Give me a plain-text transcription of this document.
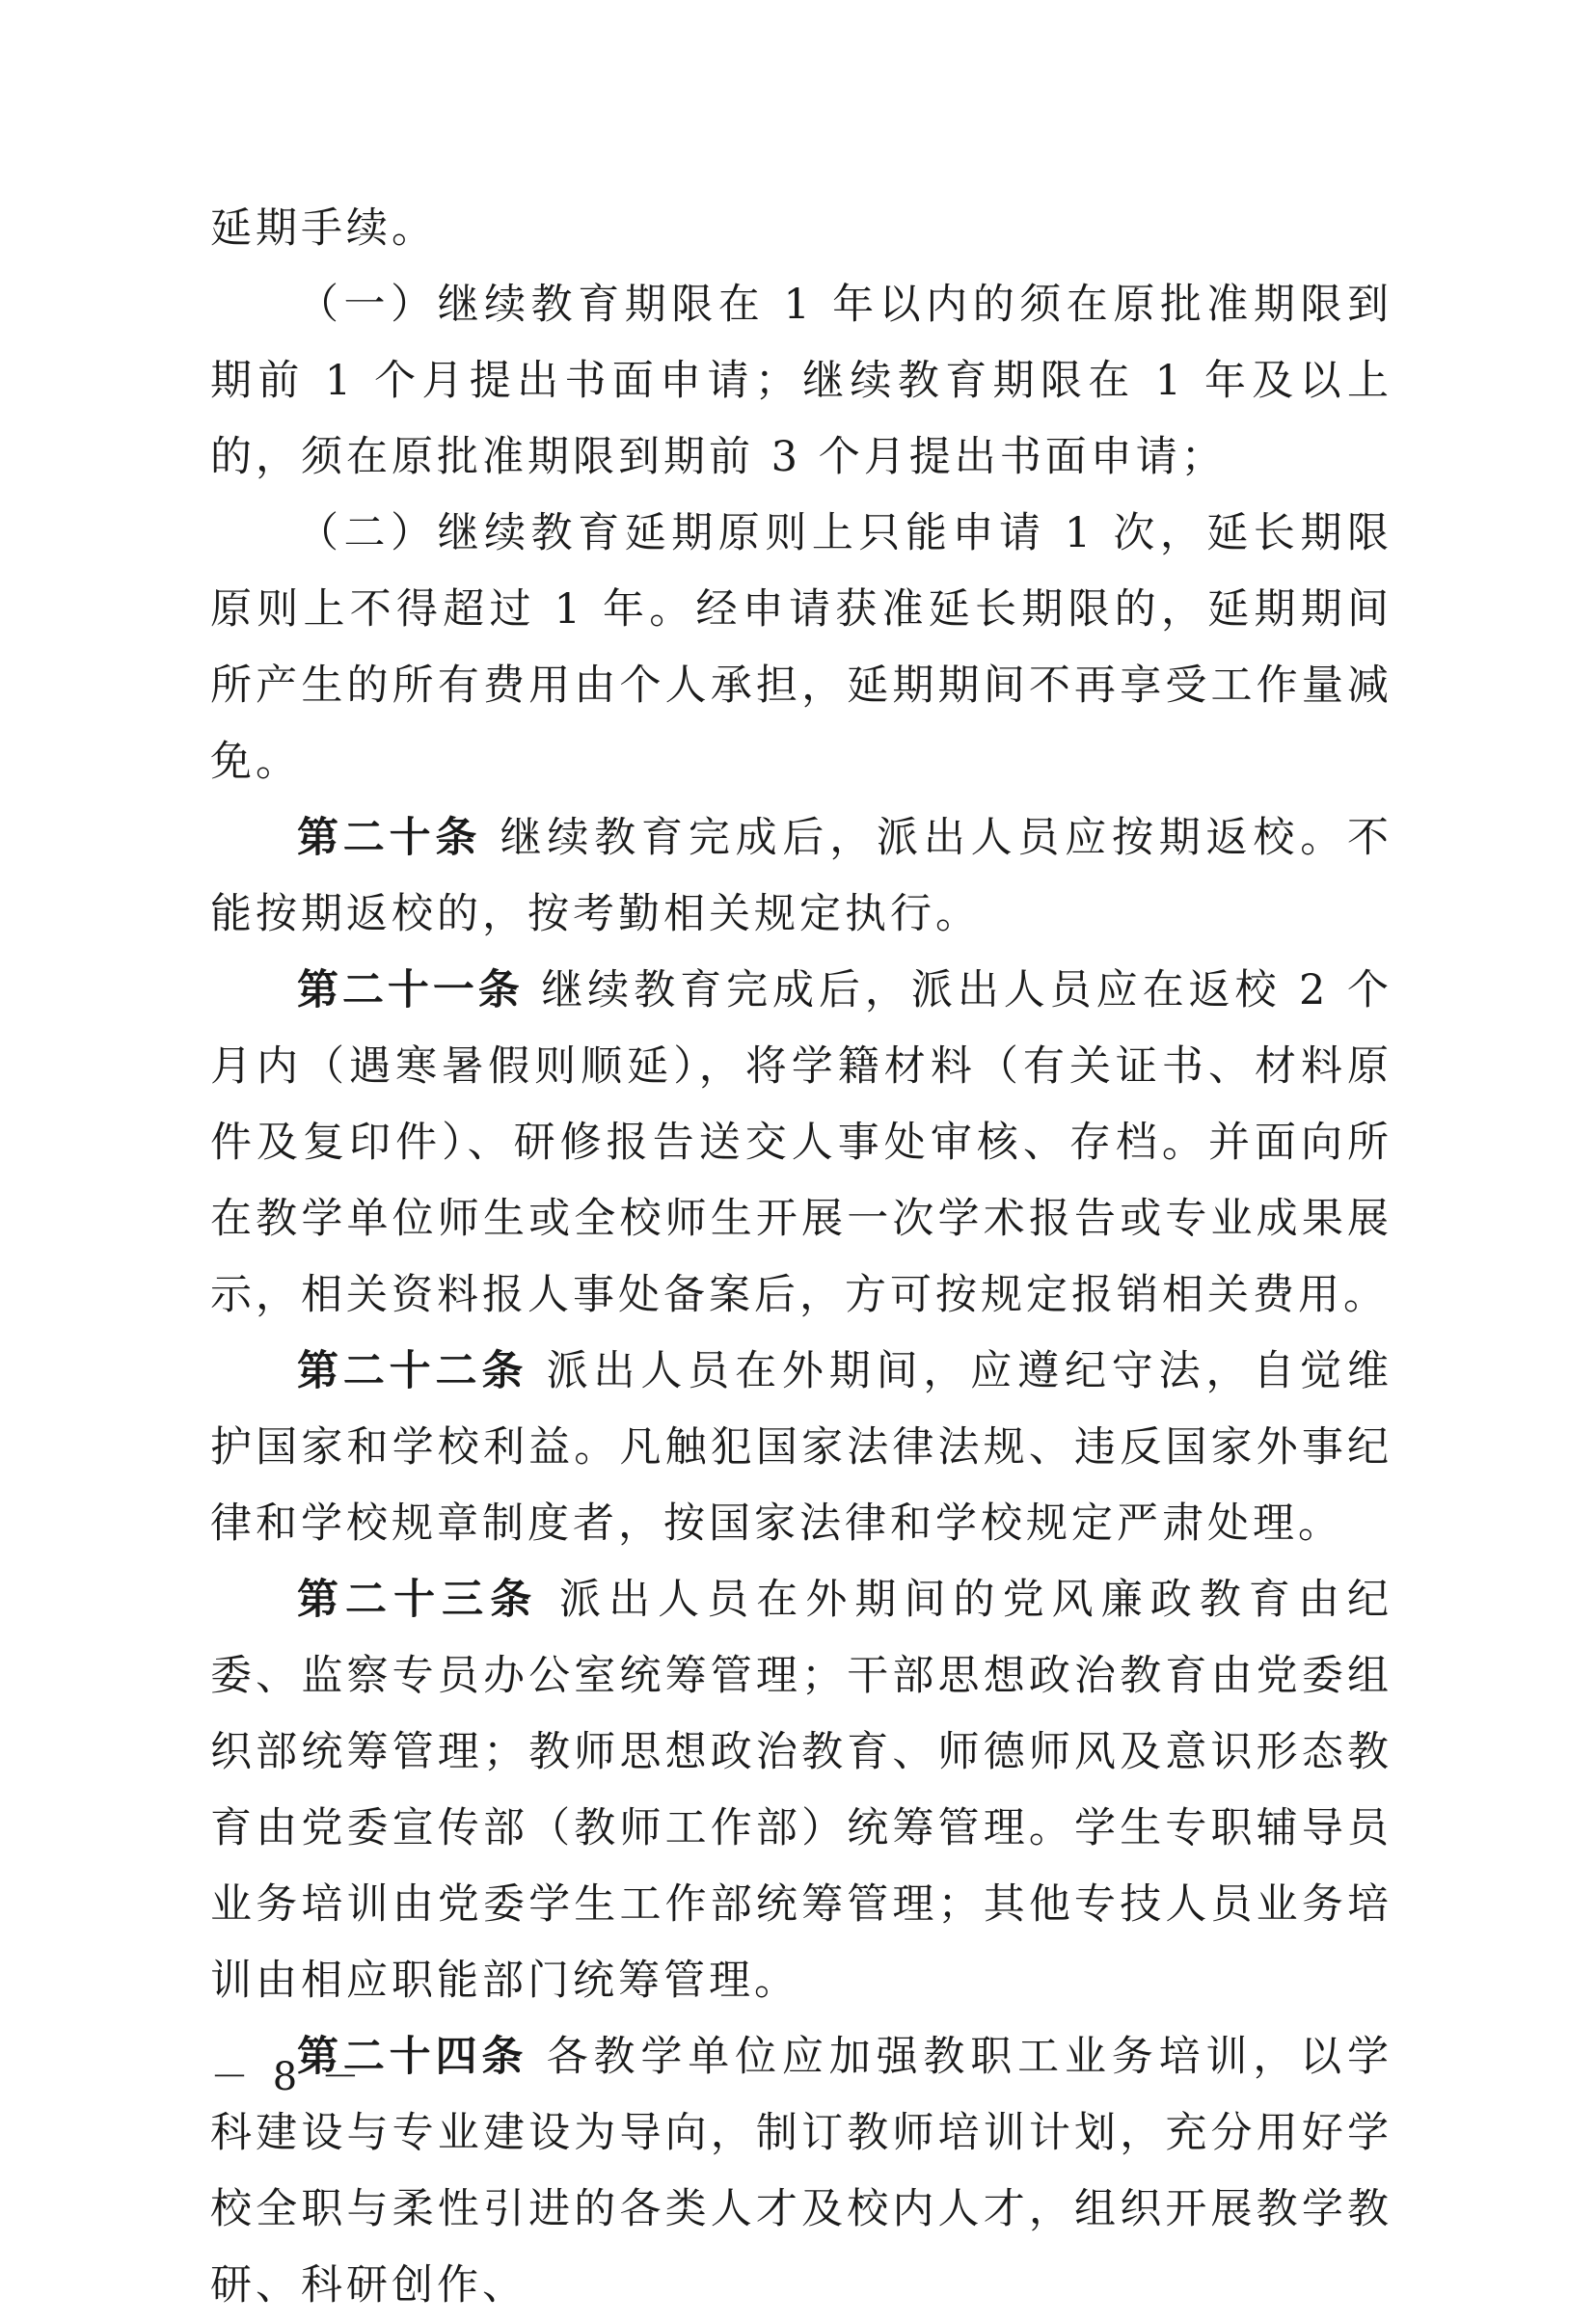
延期手续。

（一）继续教育期限在 1 年以内的须在原批准期限到期前 1 个月提出书面申请；继续教育期限在 1 年及以上的，须在原批准期限到期前 3 个月提出书面申请；

（二）继续教育延期原则上只能申请 1 次，延长期限原则上不得超过 1 年。经申请获准延长期限的，延期期间所产生的所有费用由个人承担，延期期间不再享受工作量减免。

第二十条 继续教育完成后，派出人员应按期返校。不能按期返校的，按考勤相关规定执行。

第二十一条 继续教育完成后，派出人员应在返校 2 个月内（遇寒暑假则顺延），将学籍材料（有关证书、材料原件及复印件）、研修报告送交人事处审核、存档。并面向所在教学单位师生或全校师生开展一次学术报告或专业成果展示，相关资料报人事处备案后，方可按规定报销相关费用。

第二十二条 派出人员在外期间，应遵纪守法，自觉维护国家和学校利益。凡触犯国家法律法规、违反国家外事纪律和学校规章制度者，按国家法律和学校规定严肃处理。

第二十三条 派出人员在外期间的党风廉政教育由纪委、监察专员办公室统筹管理；干部思想政治教育由党委组织部统筹管理；教师思想政治教育、师德师风及意识形态教育由党委宣传部（教师工作部）统筹管理。学生专职辅导员业务培训由党委学生工作部统筹管理；其他专技人员业务培训由相应职能部门统筹管理。

第二十四条 各教学单位应加强教职工业务培训，以学科建设与专业建设为导向，制订教师培训计划，充分用好学校全职与柔性引进的各类人才及校内人才，组织开展教学教研、科研创作、

－ 8 －
